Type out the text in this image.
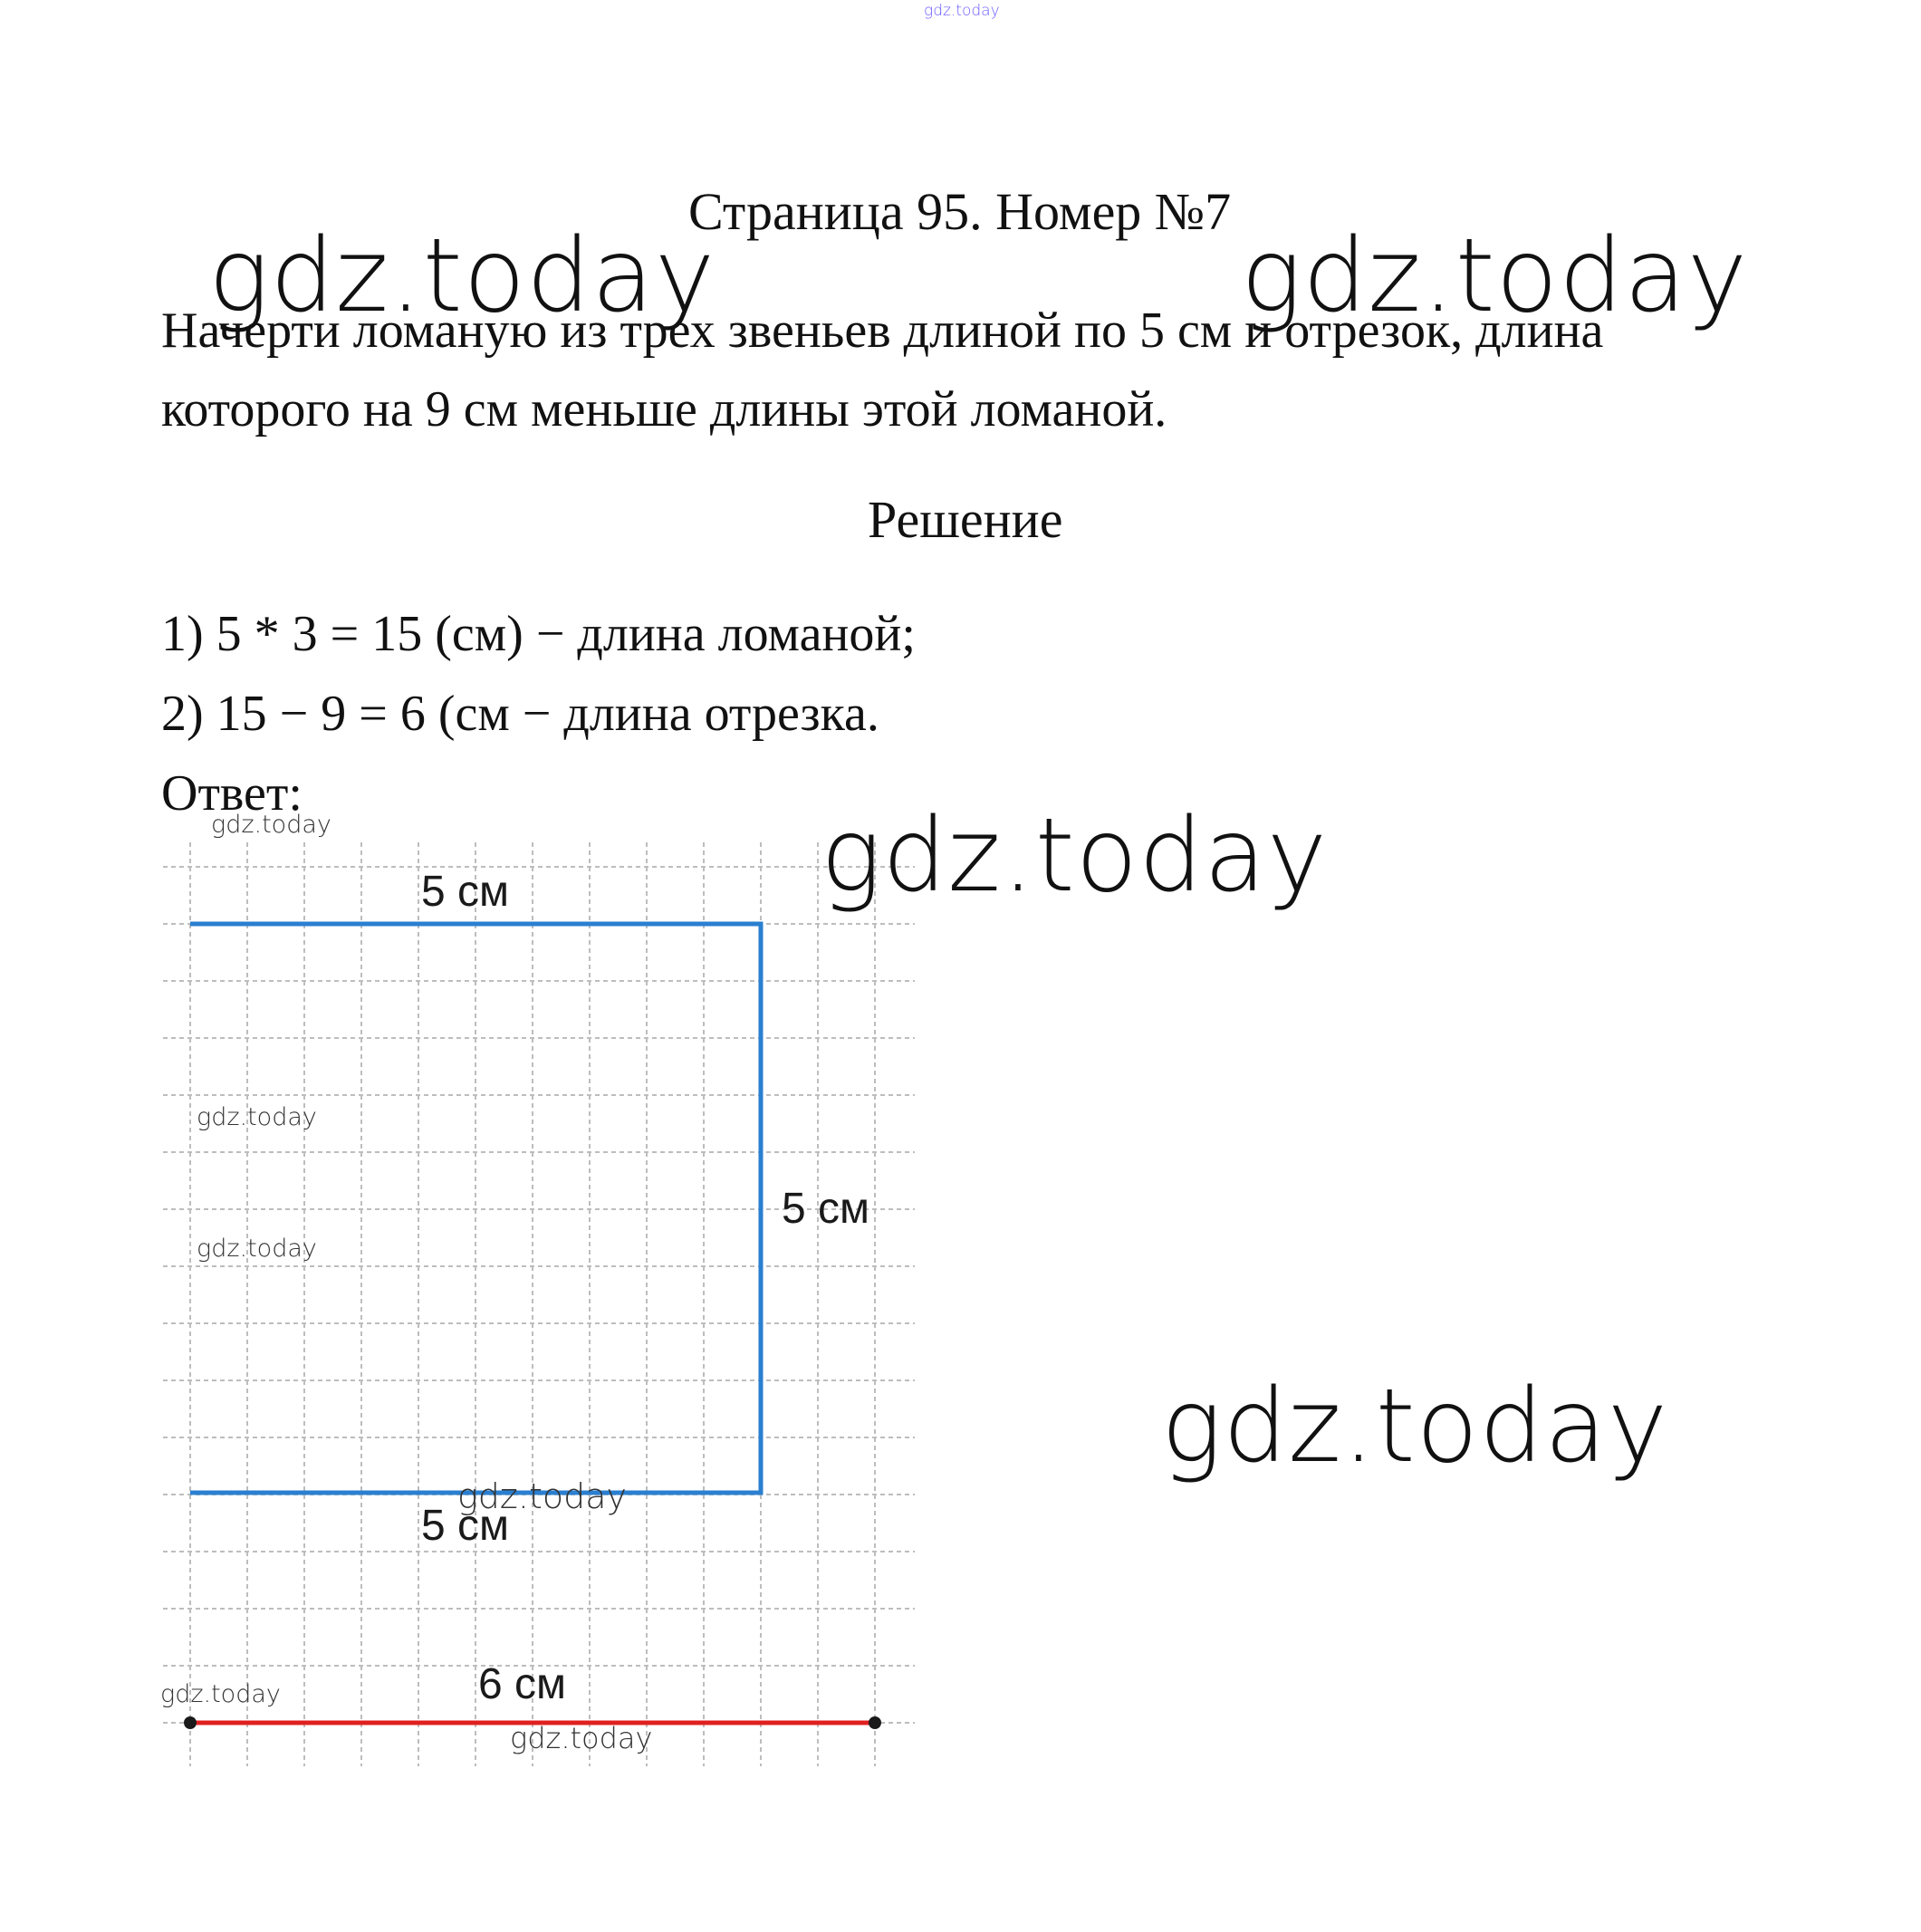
gdz.today
gdz.today	gdz.today
Страница 95. Номер №7
Начерти ломаную из трех звеньев длиной по 5 см и отрезок, длина
которого на 9 см меньше длины этой ломаной.
Решение
1) 5 * 3 = 15 (см) − длина ломаной;
2) 15 − 9 = 6 (см − длина отрезка.
Ответ:
5 см
5 см
5 см
6 см
gdz.today
gdz.today
gdz.today
gdz.today
gdz.today
gdz.today
gdz.today
gdz.today
